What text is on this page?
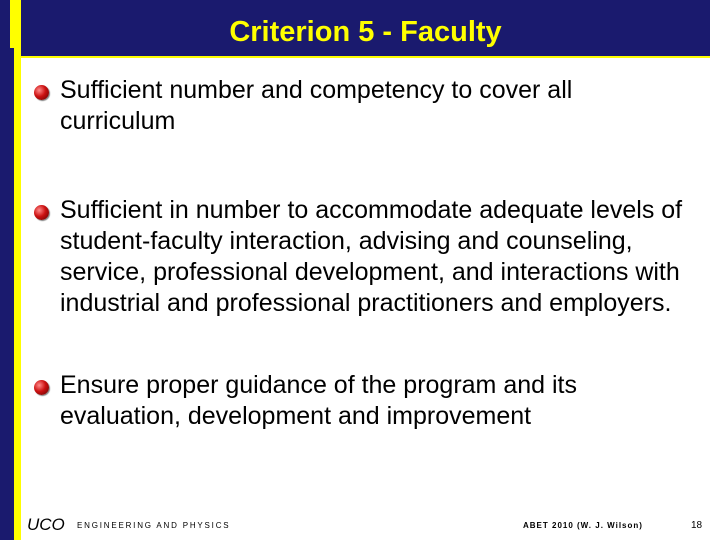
Criterion 5 - Faculty
Sufficient number and competency to cover all curriculum
Sufficient in number to accommodate adequate levels of student-faculty interaction, advising and counseling, service, professional development, and interactions with industrial and professional practitioners and employers.
Ensure proper guidance of the program and its evaluation, development and improvement
UCO ENGINEERING AND PHYSICS	ABET 2010 (W. J. Wilson)	18
